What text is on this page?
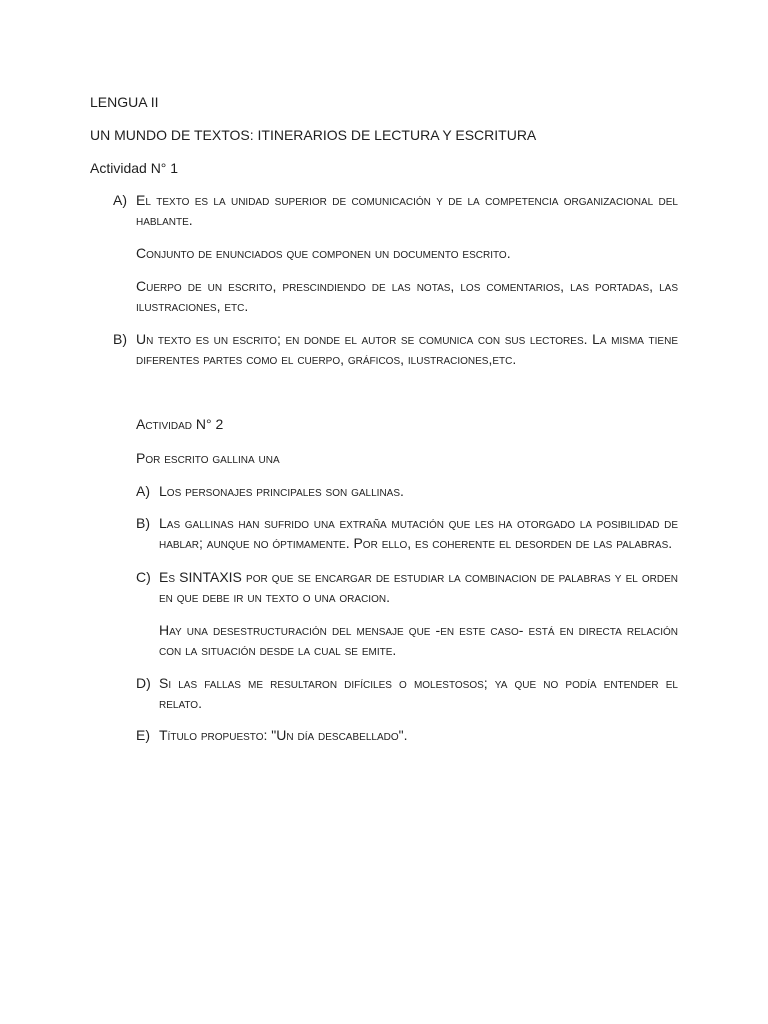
LENGUA II
UN MUNDO DE TEXTOS: ITINERARIOS DE LECTURA Y ESCRITURA
Actividad N° 1
A) El texto es la unidad superior de comunicación y de la competencia organizacional del hablante.
Conjunto de enunciados que componen un documento escrito.
Cuerpo de un escrito, prescindiendo de las notas, los comentarios, las portadas, las ilustraciones, etc.
B) Un texto es un escrito; en donde el autor se comunica con sus lectores. La misma tiene diferentes partes como el cuerpo, gráficos, ilustraciones,etc.
Actividad N° 2
Por escrito gallina una
A) Los personajes principales son gallinas.
B) Las gallinas han sufrido una extraña mutación que les ha otorgado la posibilidad de hablar; aunque no óptimamente. Por ello, es coherente el desorden de las palabras.
C) Es SINTAXIS por que se encargar de estudiar la combinacion de palabras y el orden en que debe ir un texto o una oracion.
Hay una desestructuración del mensaje que -en este caso- está en directa relación con la situación desde la cual se emite.
D) Si las fallas me resultaron difíciles o molestosos; ya que no podía entender el relato.
E) Título propuesto: "Un día descabellado".
